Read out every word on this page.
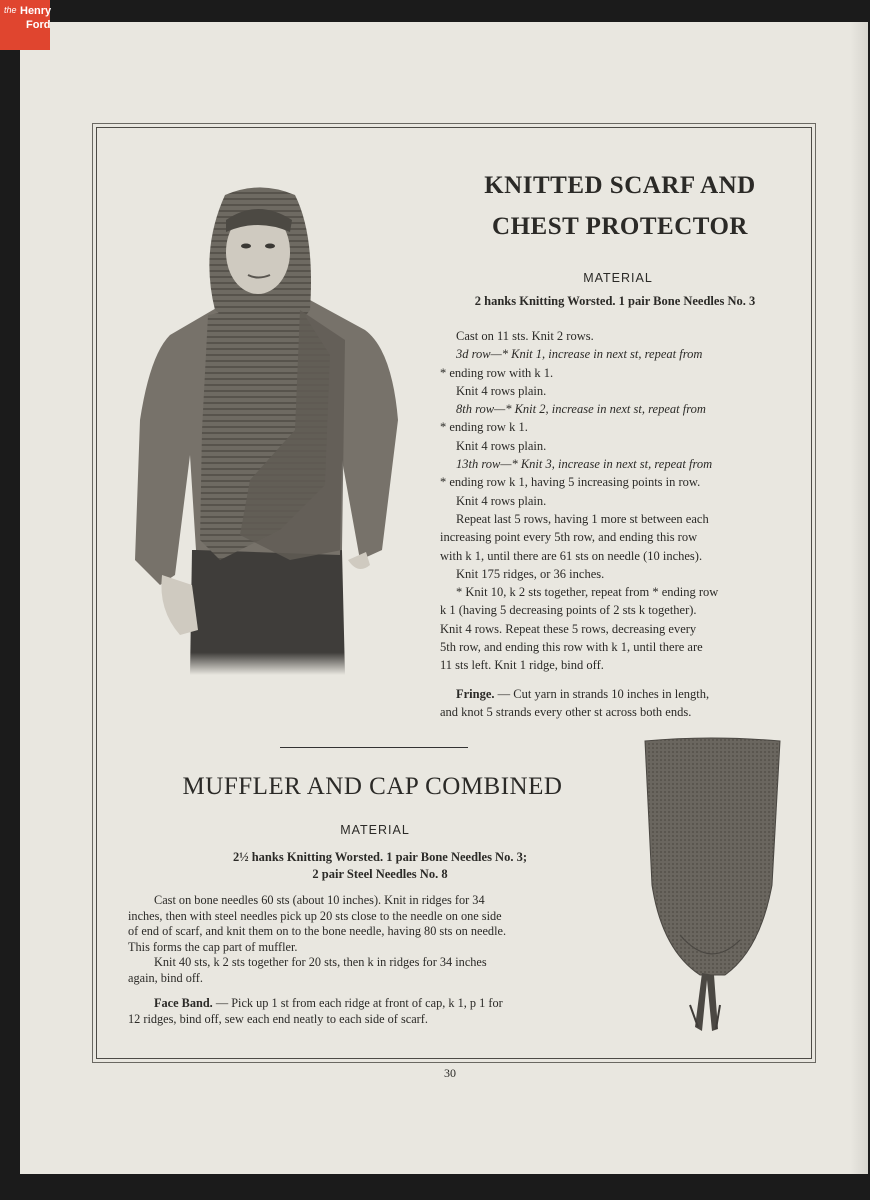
the Henry
Ford
KNITTED SCARF AND
CHEST PROTECTOR
MATERIAL
2 hanks Knitting Worsted. 1 pair Bone Needles No. 3
Cast on 11 sts. Knit 2 rows.
3d row—* Knit 1, increase in next st, repeat from
* ending row with k 1.
Knit 4 rows plain.
8th row—* Knit 2, increase in next st, repeat from
* ending row k 1.
Knit 4 rows plain.
13th row—* Knit 3, increase in next st, repeat from
* ending row k 1, having 5 increasing points in row.
Knit 4 rows plain.
Repeat last 5 rows, having 1 more st between each
increasing point every 5th row, and ending this row
with k 1, until there are 61 sts on needle (10 inches).
Knit 175 ridges, or 36 inches.
* Knit 10, k 2 sts together, repeat from * ending row
k 1 (having 5 decreasing points of 2 sts k together).
Knit 4 rows. Repeat these 5 rows, decreasing every
5th row, and ending this row with k 1, until there are
11 sts left. Knit 1 ridge, bind off.
Fringe. — Cut yarn in strands 10 inches in length,
and knot 5 strands every other st across both ends.
MUFFLER AND CAP COMBINED
MATERIAL
2½ hanks Knitting Worsted. 1 pair Bone Needles No. 3;
2 pair Steel Needles No. 8
Cast on bone needles 60 sts (about 10 inches). Knit in ridges for 34
inches, then with steel needles pick up 20 sts close to the needle on one side
of end of scarf, and knit them on to the bone needle, having 80 sts on needle.
This forms the cap part of muffler.
Knit 40 sts, k 2 sts together for 20 sts, then k in ridges for 34 inches
again, bind off.
Face Band. — Pick up 1 st from each ridge at front of cap, k 1, p 1 for
12 ridges, bind off, sew each end neatly to each side of scarf.
30
